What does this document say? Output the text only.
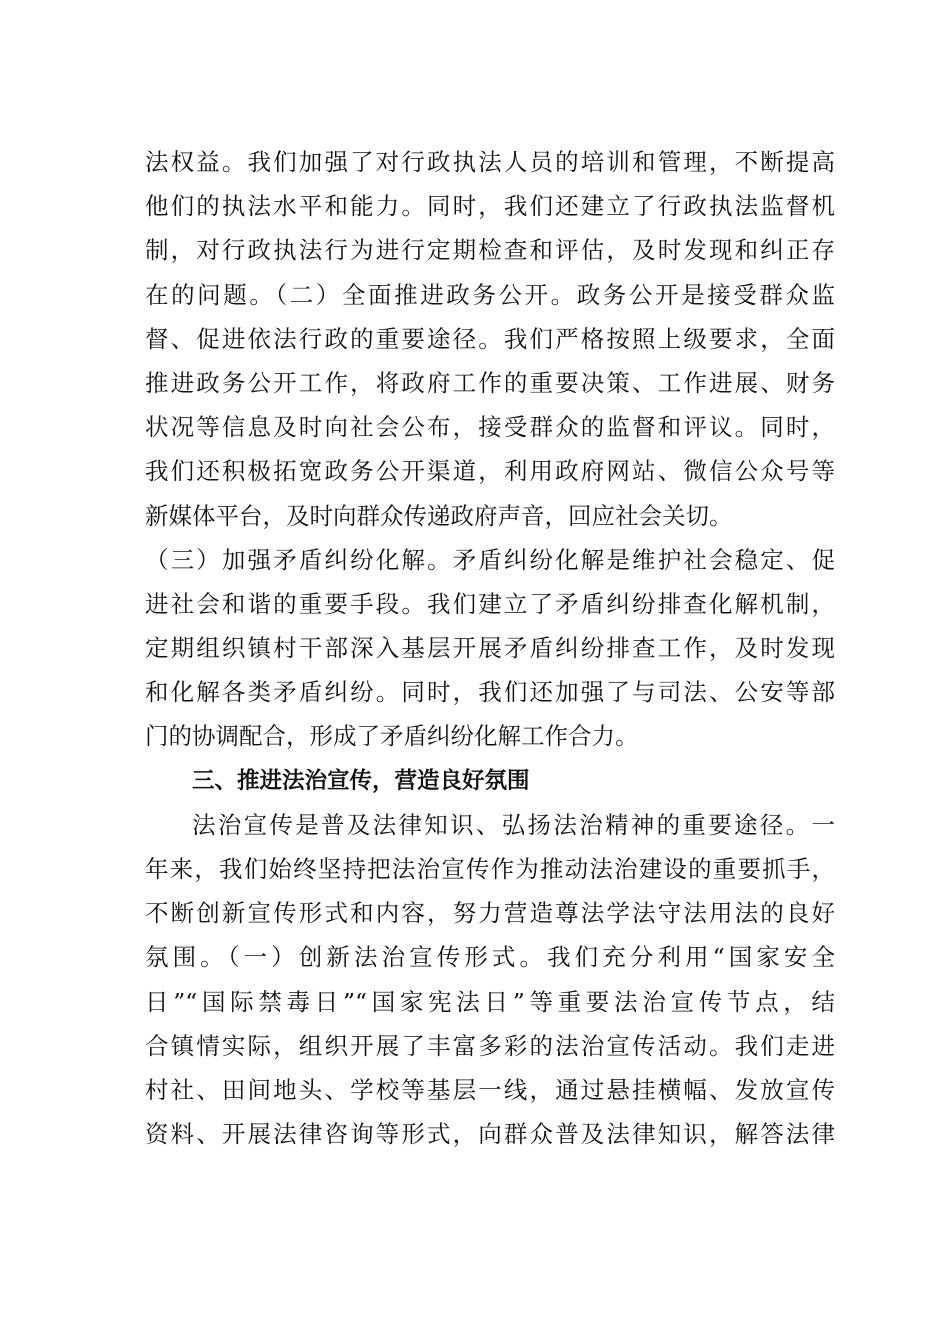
法权益。我们加强了对行政执法人员的培训和管理，不断提高
他们的执法水平和能力。同时，我们还建立了行政执法监督机
制，对行政执法行为进行定期检查和评估，及时发现和纠正存
在的问题。（二）全面推进政务公开。政务公开是接受群众监
督、促进依法行政的重要途径。我们严格按照上级要求，全面
推进政务公开工作，将政府工作的重要决策、工作进展、财务
状况等信息及时向社会公布，接受群众的监督和评议。同时，
我们还积极拓宽政务公开渠道，利用政府网站、微信公众号等
新媒体平台，及时向群众传递政府声音，回应社会关切。
（三）加强矛盾纠纷化解。矛盾纠纷化解是维护社会稳定、促
进社会和谐的重要手段。我们建立了矛盾纠纷排查化解机制，
定期组织镇村干部深入基层开展矛盾纠纷排查工作，及时发现
和化解各类矛盾纠纷。同时，我们还加强了与司法、公安等部
门的协调配合，形成了矛盾纠纷化解工作合力。
三、推进法治宣传，营造良好氛围
法治宣传是普及法律知识、弘扬法治精神的重要途径。一
年来，我们始终坚持把法治宣传作为推动法治建设的重要抓手，
不断创新宣传形式和内容，努力营造尊法学法守法用法的良好
氛围。（一）创新法治宣传形式。我们充分利用“国家安全
日”“国际禁毒日”“国家宪法日”等重要法治宣传节点，结
合镇情实际，组织开展了丰富多彩的法治宣传活动。我们走进
村社、田间地头、学校等基层一线，通过悬挂横幅、发放宣传
资料、开展法律咨询等形式，向群众普及法律知识，解答法律
